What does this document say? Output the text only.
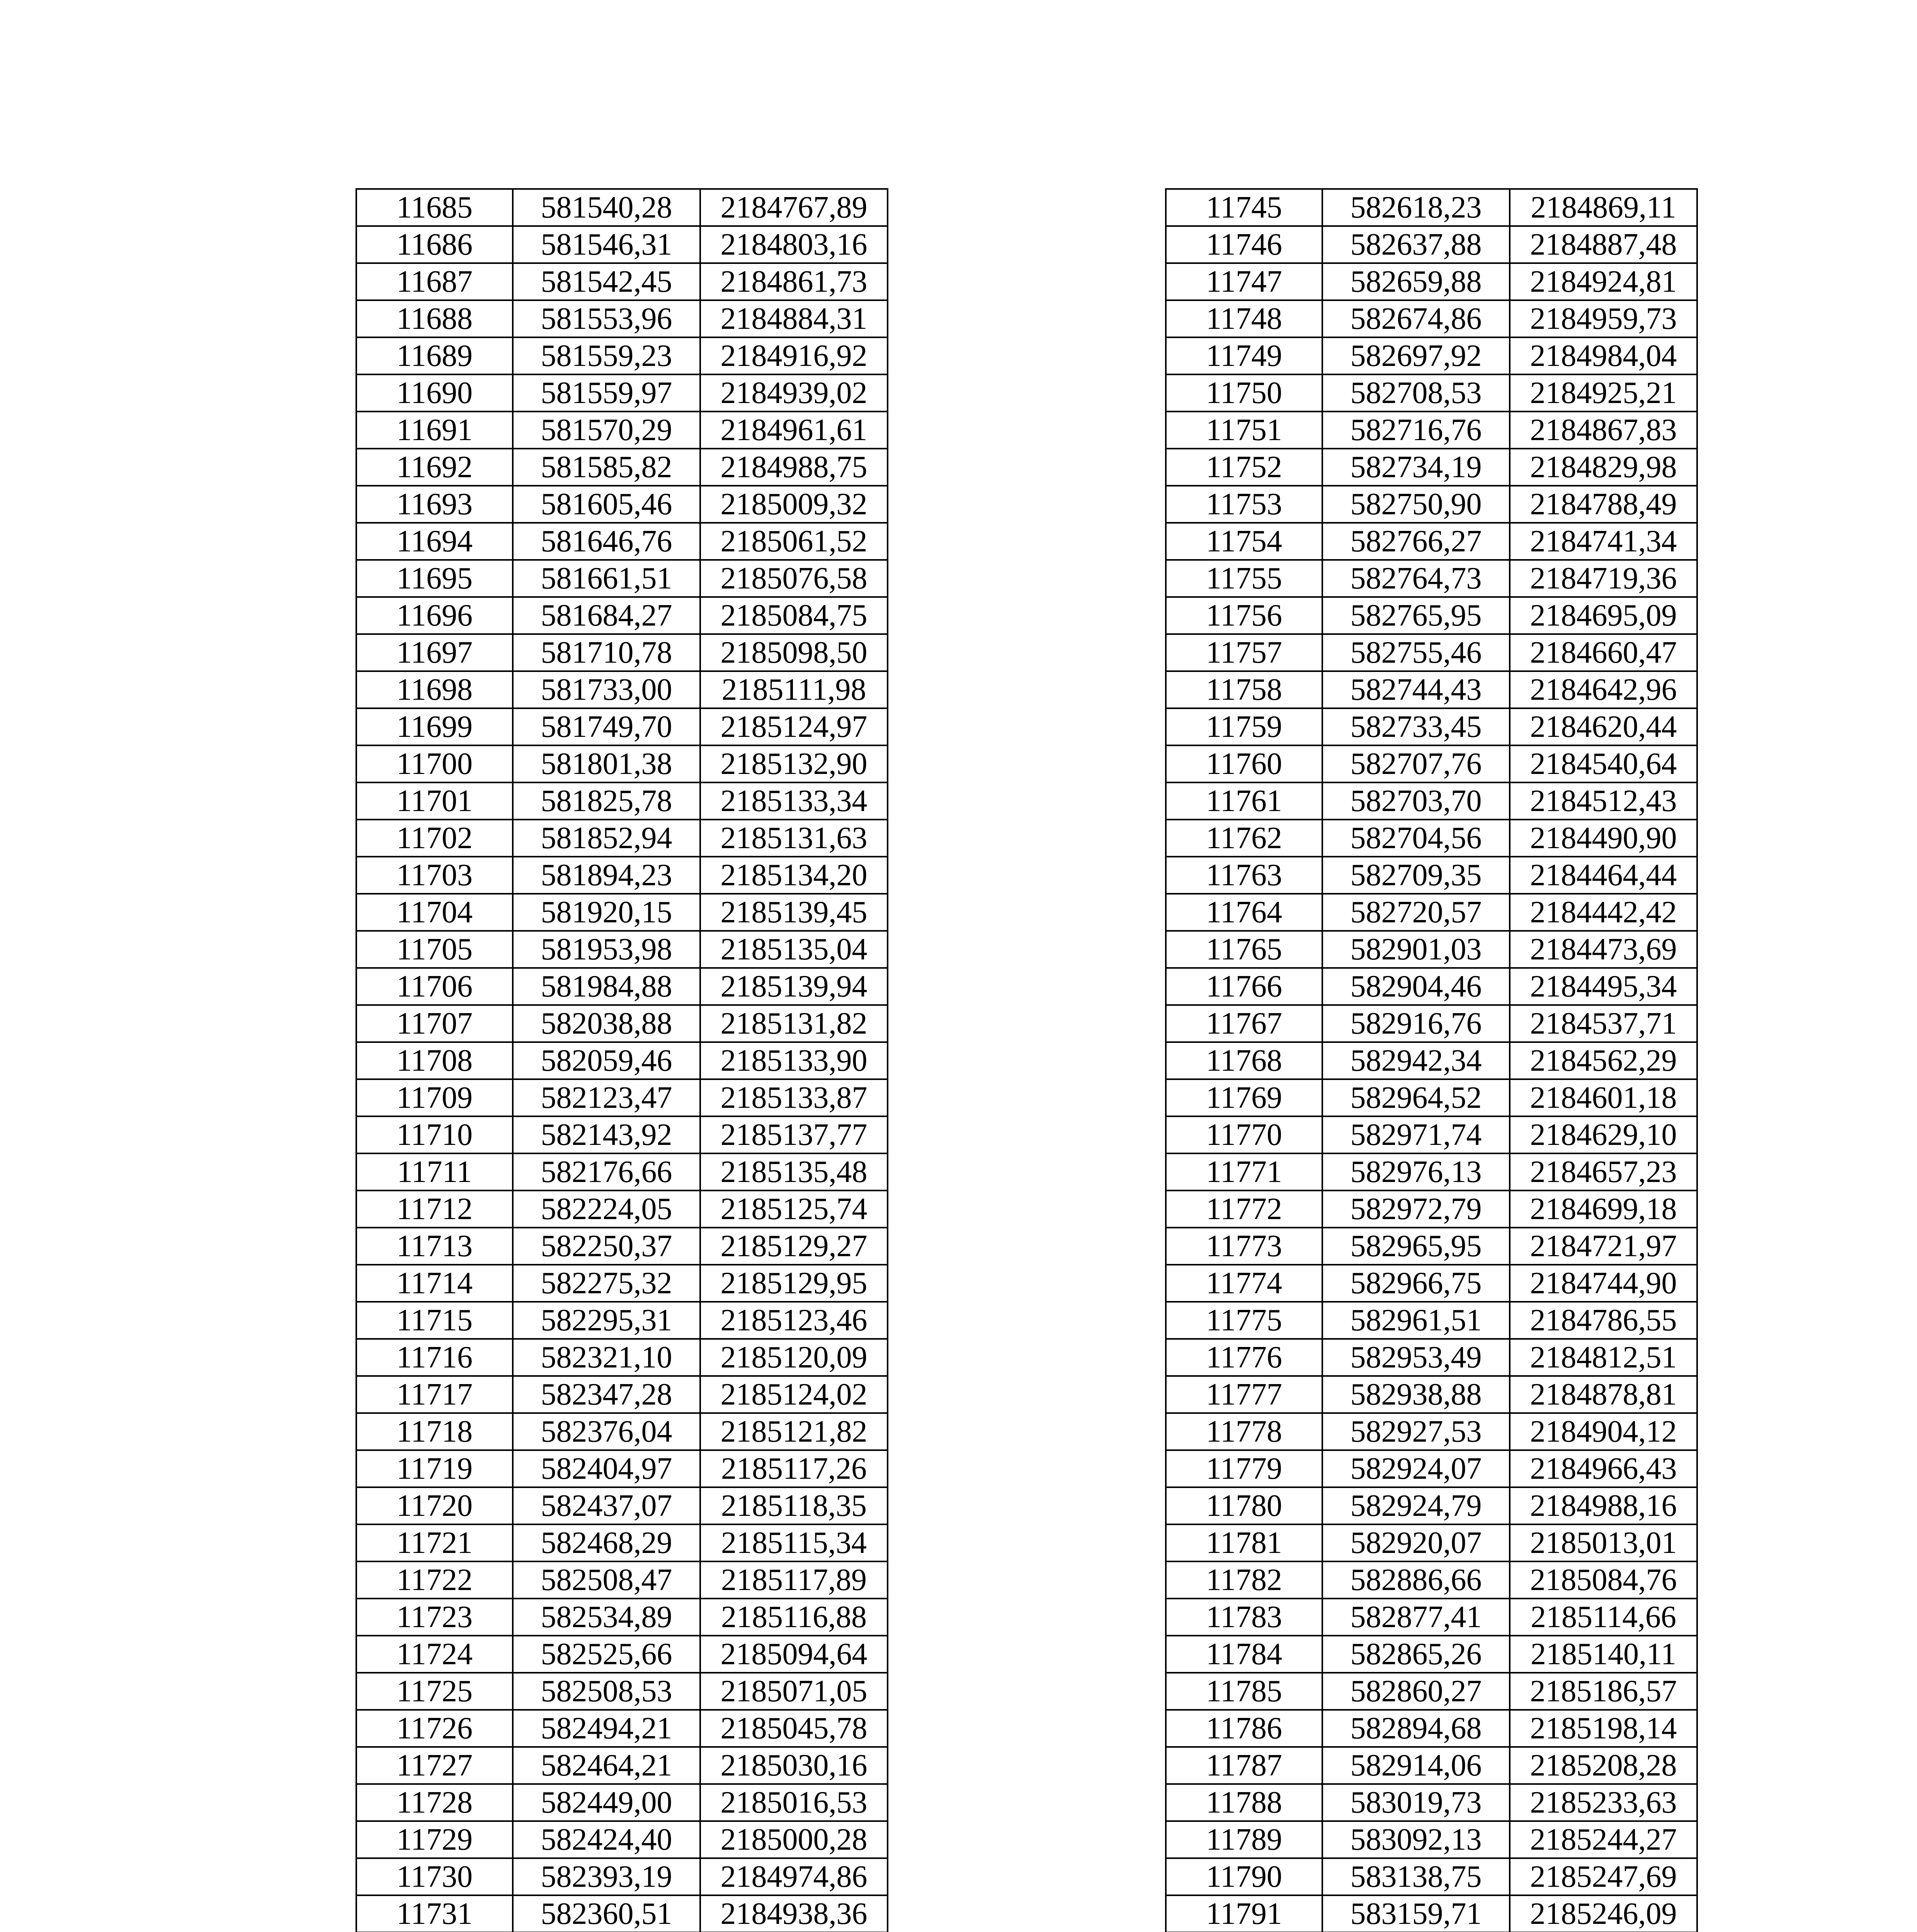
11685	581540,28	2184767,89
11686	581546,31	2184803,16
11687	581542,45	2184861,73
11688	581553,96	2184884,31
11689	581559,23	2184916,92
11690	581559,97	2184939,02
11691	581570,29	2184961,61
11692	581585,82	2184988,75
11693	581605,46	2185009,32
11694	581646,76	2185061,52
11695	581661,51	2185076,58
11696	581684,27	2185084,75
11697	581710,78	2185098,50
11698	581733,00	2185111,98
11699	581749,70	2185124,97
11700	581801,38	2185132,90
11701	581825,78	2185133,34
11702	581852,94	2185131,63
11703	581894,23	2185134,20
11704	581920,15	2185139,45
11705	581953,98	2185135,04
11706	581984,88	2185139,94
11707	582038,88	2185131,82
11708	582059,46	2185133,90
11709	582123,47	2185133,87
11710	582143,92	2185137,77
11711	582176,66	2185135,48
11712	582224,05	2185125,74
11713	582250,37	2185129,27
11714	582275,32	2185129,95
11715	582295,31	2185123,46
11716	582321,10	2185120,09
11717	582347,28	2185124,02
11718	582376,04	2185121,82
11719	582404,97	2185117,26
11720	582437,07	2185118,35
11721	582468,29	2185115,34
11722	582508,47	2185117,89
11723	582534,89	2185116,88
11724	582525,66	2185094,64
11725	582508,53	2185071,05
11726	582494,21	2185045,78
11727	582464,21	2185030,16
11728	582449,00	2185016,53
11729	582424,40	2185000,28
11730	582393,19	2184974,86
11731	582360,51	2184938,36

11745	582618,23	2184869,11
11746	582637,88	2184887,48
11747	582659,88	2184924,81
11748	582674,86	2184959,73
11749	582697,92	2184984,04
11750	582708,53	2184925,21
11751	582716,76	2184867,83
11752	582734,19	2184829,98
11753	582750,90	2184788,49
11754	582766,27	2184741,34
11755	582764,73	2184719,36
11756	582765,95	2184695,09
11757	582755,46	2184660,47
11758	582744,43	2184642,96
11759	582733,45	2184620,44
11760	582707,76	2184540,64
11761	582703,70	2184512,43
11762	582704,56	2184490,90
11763	582709,35	2184464,44
11764	582720,57	2184442,42
11765	582901,03	2184473,69
11766	582904,46	2184495,34
11767	582916,76	2184537,71
11768	582942,34	2184562,29
11769	582964,52	2184601,18
11770	582971,74	2184629,10
11771	582976,13	2184657,23
11772	582972,79	2184699,18
11773	582965,95	2184721,97
11774	582966,75	2184744,90
11775	582961,51	2184786,55
11776	582953,49	2184812,51
11777	582938,88	2184878,81
11778	582927,53	2184904,12
11779	582924,07	2184966,43
11780	582924,79	2184988,16
11781	582920,07	2185013,01
11782	582886,66	2185084,76
11783	582877,41	2185114,66
11784	582865,26	2185140,11
11785	582860,27	2185186,57
11786	582894,68	2185198,14
11787	582914,06	2185208,28
11788	583019,73	2185233,63
11789	583092,13	2185244,27
11790	583138,75	2185247,69
11791	583159,71	2185246,09
